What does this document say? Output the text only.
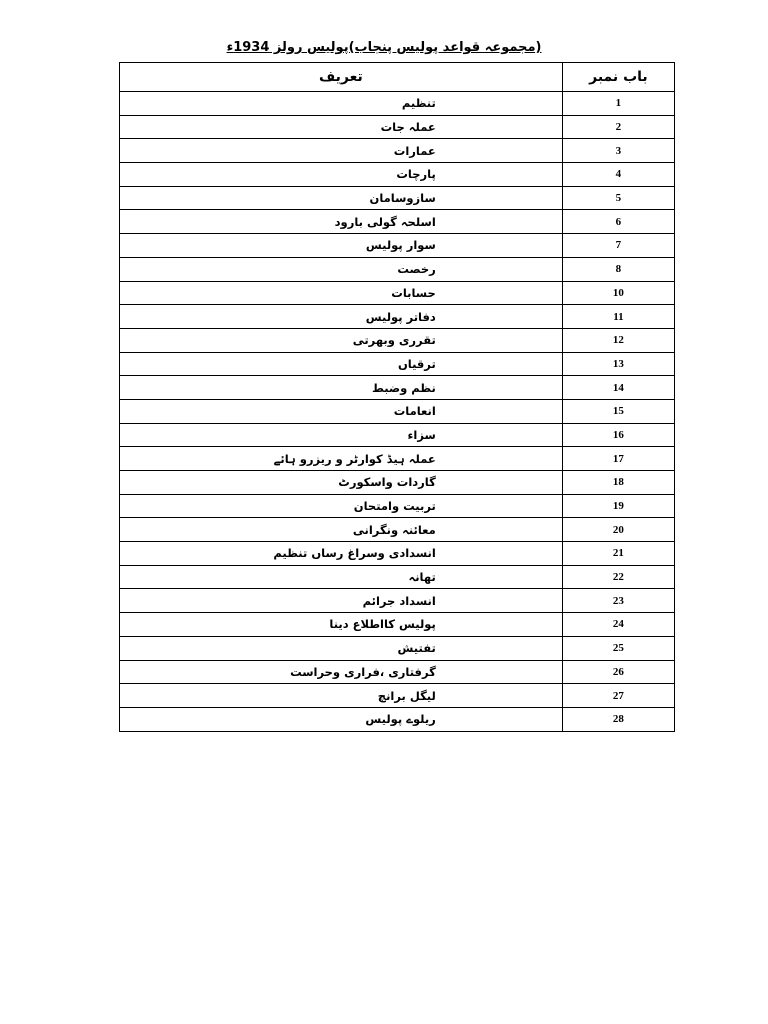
(مجموعہ قواعد پولیس پنجاب)پولیس رولز 1934ء
تعریف	باب نمبر
تنظیم	1
عملہ جات	2
عمارات	3
پارچات	4
سازوسامان	5
اسلحہ گولی بارود	6
سوار پولیس	7
رخصت	8
حسابات	10
دفاتر پولیس	11
تقرری وبھرتی	12
ترقیاں	13
نظم وضبط	14
انعامات	15
سزاء	16
عملہ ہیڈ کوارٹر و ریزرو ہائے	17
گاردات واسکورٹ	18
تربیت وامتحان	19
معائنہ ونگرانی	20
انسدادی وسراغ رساں تنظیم	21
تھانہ	22
انسداد جرائم	23
پولیس کااطلاع دینا	24
تفتیش	25
گرفتاری ،فراری وحراست	26
لیگل برانچ	27
ریلوے پولیس	28
